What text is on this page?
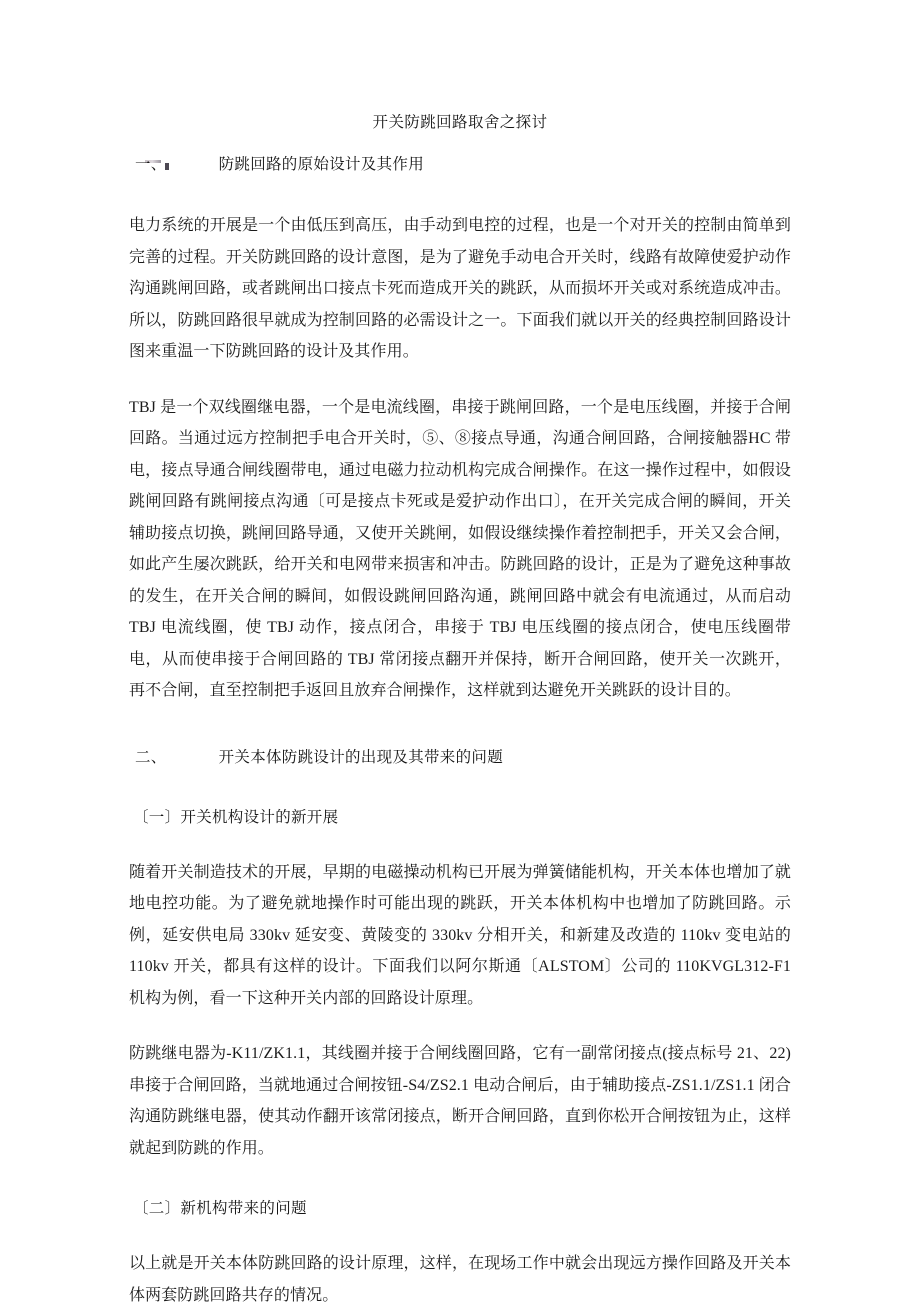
开关防跳回路取舍之探讨
一、	防跳回路的原始设计及其作用

电力系统的开展是一个由低压到高压，由手动到电控的过程，也是一个对开关的控制由简单到完善的过程。开关防跳回路的设计意图，是为了避免手动电合开关时，线路有故障使爱护动作沟通跳闸回路，或者跳闸出口接点卡死而造成开关的跳跃，从而损坏开关或对系统造成冲击。所以，防跳回路很早就成为控制回路的必需设计之一。下面我们就以开关的经典控制回路设计图来重温一下防跳回路的设计及其作用。

TBJ 是一个双线圈继电器，一个是电流线圈，串接于跳闸回路，一个是电压线圈，并接于合闸回路。当通过远方控制把手电合开关时，⑤、⑧接点导通，沟通合闸回路，合闸接触器HC 带电，接点导通合闸线圈带电，通过电磁力拉动机构完成合闸操作。在这一操作过程中，如假设跳闸回路有跳闸接点沟通〔可是接点卡死或是爱护动作出口〕，在开关完成合闸的瞬间，开关辅助接点切换，跳闸回路导通，又使开关跳闸，如假设继续操作着控制把手，开关又会合闸，如此产生屡次跳跃，给开关和电网带来损害和冲击。防跳回路的设计，正是为了避免这种事故的发生，在开关合闸的瞬间，如假设跳闸回路沟通，跳闸回路中就会有电流通过，从而启动 TBJ 电流线圈，使 TBJ 动作，接点闭合，串接于 TBJ 电压线圈的接点闭合，使电压线圈带电，从而使串接于合闸回路的 TBJ 常闭接点翻开并保持，断开合闸回路，使开关一次跳开，再不合闸，直至控制把手返回且放弃合闸操作，这样就到达避免开关跳跃的设计目的。

二、	开关本体防跳设计的出现及其带来的问题
〔一〕开关机构设计的新开展

随着开关制造技术的开展，早期的电磁操动机构已开展为弹簧储能机构，开关本体也增加了就地电控功能。为了避免就地操作时可能出现的跳跃，开关本体机构中也增加了防跳回路。示例，延安供电局 330kv 延安变、黄陵变的 330kv 分相开关，和新建及改造的 110kv 变电站的 110kv 开关，都具有这样的设计。下面我们以阿尔斯通〔ALSTOM〕公司的 110KVGL312-F1 机构为例，看一下这种开关内部的回路设计原理。

防跳继电器为-K11/ZK1.1，其线圈并接于合闸线圈回路，它有一副常闭接点(接点标号 21、22)串接于合闸回路，当就地通过合闸按钮-S4/ZS2.1 电动合闸后，由于辅助接点-ZS1.1/ZS1.1 闭合沟通防跳继电器，使其动作翻开该常闭接点，断开合闸回路，直到你松开合闸按钮为止，这样就起到防跳的作用。

〔二〕新机构带来的问题

以上就是开关本体防跳回路的设计原理，这样，在现场工作中就会出现远方操作回路及开关本体两套防跳回路共存的情况。
